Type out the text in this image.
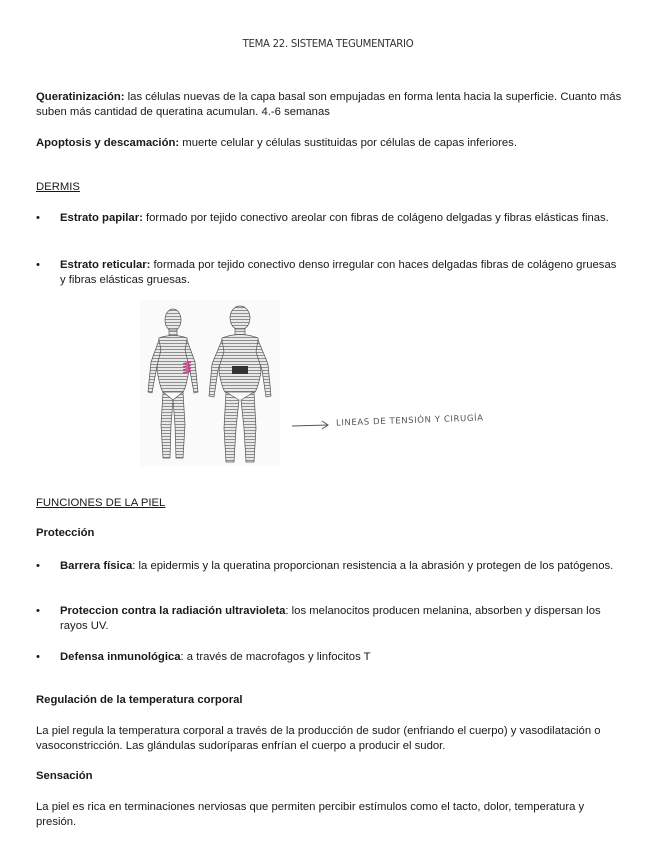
TEMA 22. SISTEMA TEGUMENTARIO
Queratinización: las células nuevas de la capa basal son empujadas en forma lenta hacia la superficie. Cuanto más suben más cantidad de queratina acumulan. 4.-6 semanas
Apoptosis y descamación: muerte celular y células sustituidas por células de capas inferiores.
DERMIS
• Estrato papilar: formado por tejido conectivo areolar con fibras de colágeno delgadas y fibras elásticas finas.
• Estrato reticular: formada por tejido conectivo denso irregular con haces delgadas fibras de colágeno gruesas y fibras elásticas gruesas.
LINEAS DE TENSIÓN Y CIRUGÍA
FUNCIONES DE LA PIEL
Protección
• Barrera física: la epidermis y la queratina proporcionan resistencia a la abrasión y protegen de los patógenos.
• Proteccion contra la radiación ultravioleta: los melanocitos producen melanina, absorben y dispersan los rayos UV.
• Defensa inmunológica: a través de macrofagos y linfocitos T
Regulación de la temperatura corporal
La piel regula la temperatura corporal a través de la producción de sudor (enfriando el cuerpo) y vasodilatación o vasoconstricción. Las glándulas sudoríparas enfrían el cuerpo a producir el sudor.
Sensación
La piel es rica en terminaciones nerviosas que permiten percibir estímulos como el tacto, dolor, temperatura y presión.
